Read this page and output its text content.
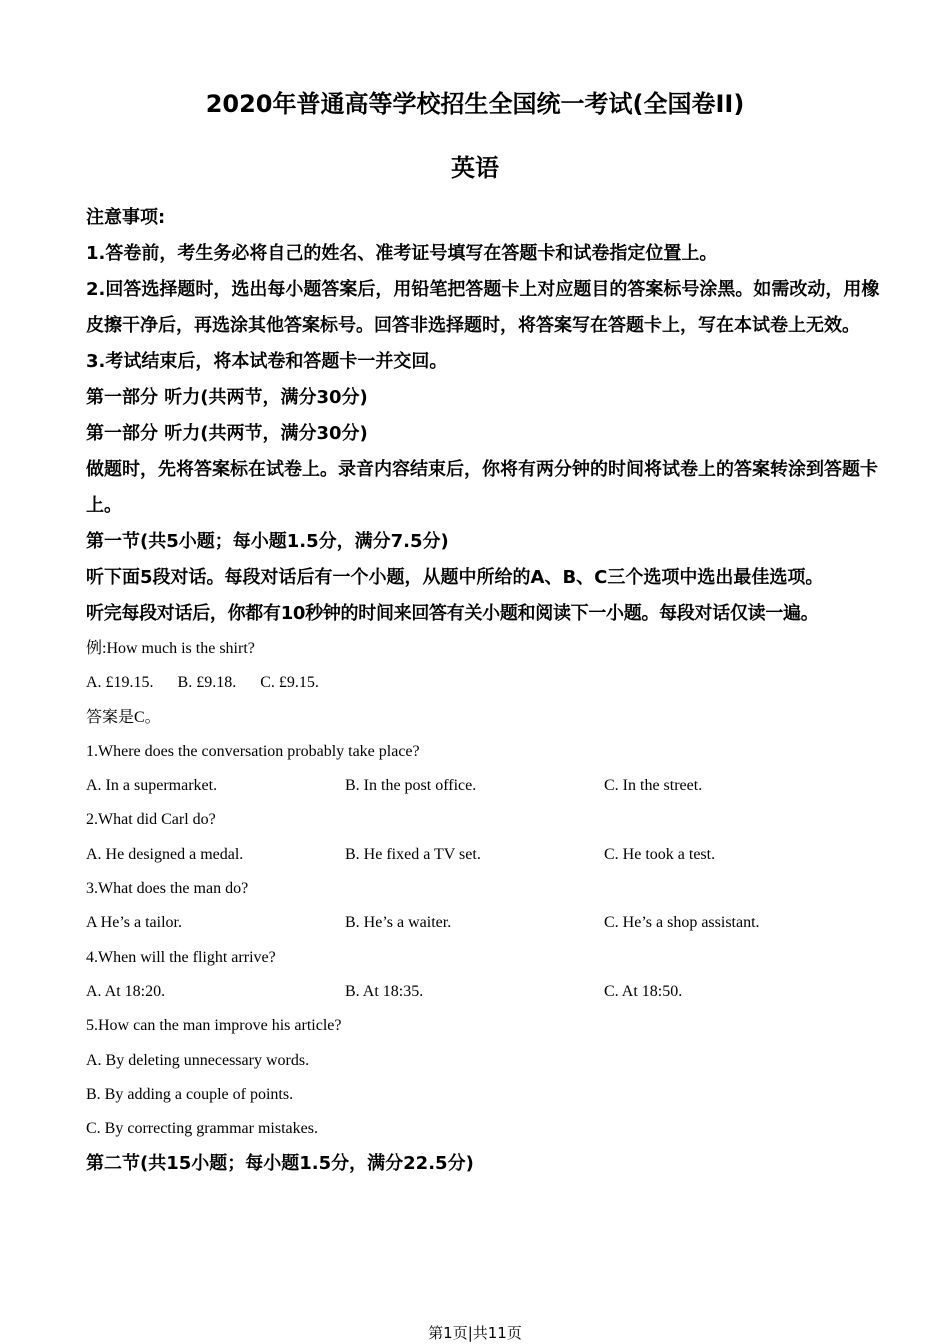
2020年普通高等学校招生全国统一考试(全国卷II)
英语
注意事项:
1.答卷前，考生务必将自己的姓名、准考证号填写在答题卡和试卷指定位置上。
2.回答选择题时，选出每小题答案后，用铅笔把答题卡上对应题目的答案标号涂黑。如需改动，用橡皮擦干净后，再选涂其他答案标号。回答非选择题时，将答案写在答题卡上，写在本试卷上无效。
3.考试结束后，将本试卷和答题卡一并交回。
第一部分 听力(共两节，满分30分)
第一部分 听力(共两节，满分30分)
做题时，先将答案标在试卷上。录音内容结束后，你将有两分钟的时间将试卷上的答案转涂到答题卡上。
第一节(共5小题；每小题1.5分，满分7.5分)
听下面5段对话。每段对话后有一个小题，从题中所给的A、B、C三个选项中选出最佳选项。
听完每段对话后，你都有10秒钟的时间来回答有关小题和阅读下一小题。每段对话仅读一遍。
例:How much is the shirt?
A. £19.15.      B. £9.18.      C. £9.15.
答案是C。
1.Where does the conversation probably take place?
A. In a supermarket.	B. In the post office.	C. In the street.
2.What did Carl do?
A. He designed a medal.	B. He fixed a TV set.	C. He took a test.
3.What does the man do?
A He’s a tailor.	B. He’s a waiter.	C. He’s a shop assistant.
4.When will the flight arrive?
A. At 18:20.	B. At 18:35.	C. At 18:50.
5.How can the man improve his article?
A. By deleting unnecessary words.
B. By adding a couple of points.
C. By correcting grammar mistakes.
第二节(共15小题；每小题1.5分，满分22.5分)
第1页|共11页
